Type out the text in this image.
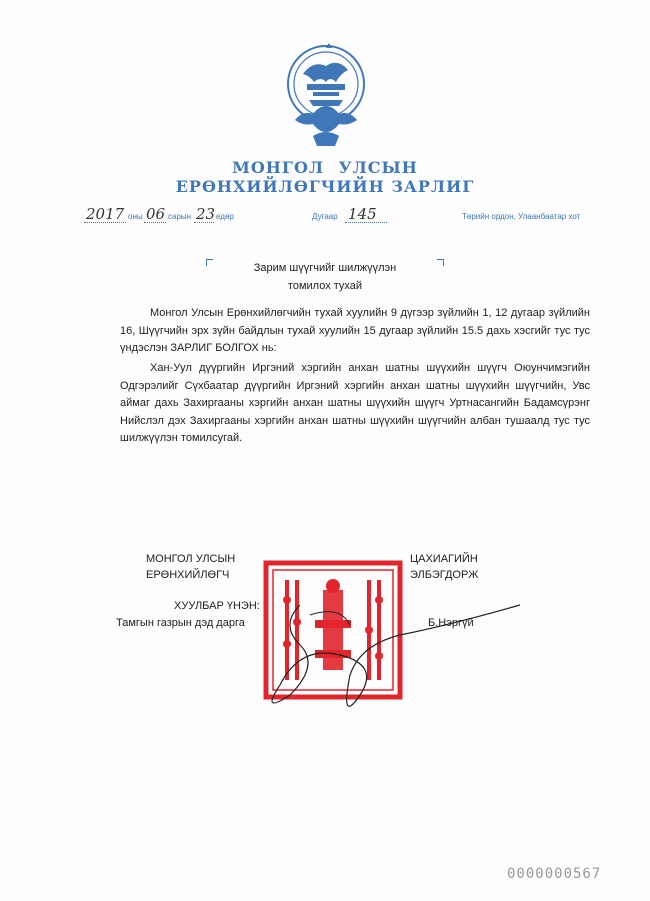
МОНГОЛ УЛСЫН
ЕРӨНХИЙЛӨГЧИЙН ЗАРЛИГ
2017 оны 06 сарын 23 едөр	Дугаар 145	Төрийн ордон, Улаанбаатар хот
Зарим шүүгчийг шилжүүлэн
томилох тухай
Монгол Улсын Ерөнхийлөгчийн тухай хуулийн 9 дүгээр зүйлийн 1, 12 дугаар зүйлийн 16, Шүүгчийн эрх зүйн байдлын тухай хуулийн 15 дугаар зүйлийн 15.5 дахь хэсгийг тус тус үндэслэн ЗАРЛИГ БОЛГОХ нь:
Хан-Уул дүүргийн Иргэний хэргийн анхан шатны шүүхийн шүүгч Оюунчимэгийн Одгэрэлийг Сүхбаатар дүүргийн Иргэний хэргийн анхан шатны шүүхийн шүүгчийн, Увс аймаг дахь Захиргааны хэргийн анхан шатны шүүхийн шүүгч Уртнасангийн Бадамсүрэнг Нийслэл дэх Захиргааны хэргийн анхан шатны шүүхийн шүүгчийн албан тушаалд тус тус шилжүүлэн томилсугай.
МОНГОЛ УЛСЫН
ЕРӨНХИЙЛӨГЧ
ЦАХИАГИЙН
ЭЛБЭГДОРЖ
ХУУЛБАР ҮНЭН:
Тамгын газрын дэд дарга	Б.Нэргүй
0000000567
